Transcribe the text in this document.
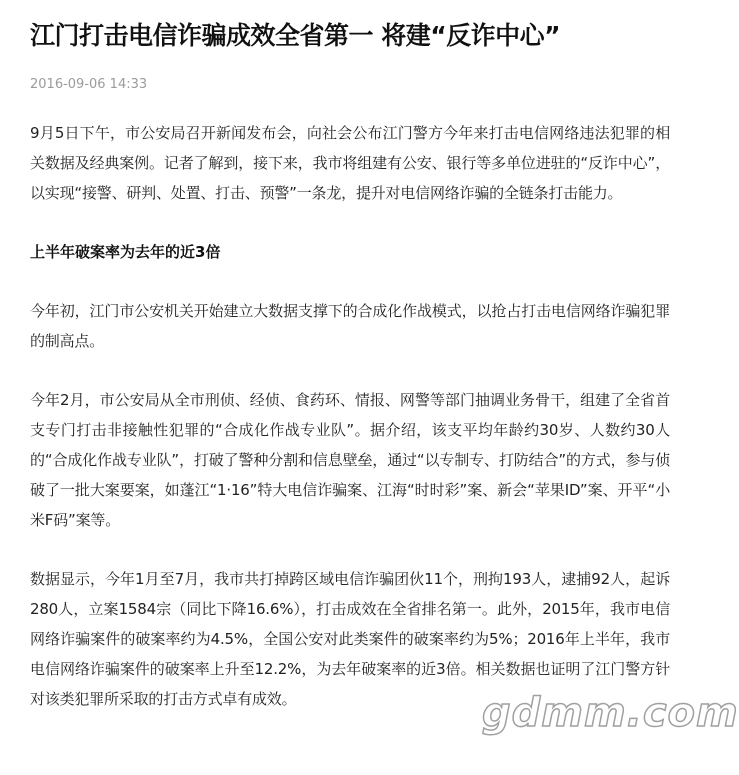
江门打击电信诈骗成效全省第一 将建“反诈中心”
2016-09-06 14:33

9月5日下午，市公安局召开新闻发布会，向社会公布江门警方今年来打击电信网络违法犯罪的相关数据及经典案例。记者了解到，接下来，我市将组建有公安、银行等多单位进驻的“反诈中心”，以实现“接警、研判、处置、打击、预警”一条龙，提升对电信网络诈骗的全链条打击能力。

上半年破案率为去年的近3倍

今年初，江门市公安机关开始建立大数据支撑下的合成化作战模式，以抢占打击电信网络诈骗犯罪的制高点。

今年2月，市公安局从全市刑侦、经侦、食药环、情报、网警等部门抽调业务骨干，组建了全省首支专门打击非接触性犯罪的“合成化作战专业队”。据介绍，该支平均年龄约30岁、人数约30人的“合成化作战专业队”，打破了警种分割和信息壁垒，通过“以专制专、打防结合”的方式，参与侦破了一批大案要案，如蓬江“1·16”特大电信诈骗案、江海“时时彩”案、新会“苹果ID”案、开平“小米F码”案等。

数据显示，今年1月至7月，我市共打掉跨区域电信诈骗团伙11个，刑拘193人，逮捕92人，起诉280人，立案1584宗（同比下降16.6%），打击成效在全省排名第一。此外，2015年，我市电信网络诈骗案件的破案率约为4.5%，全国公安对此类案件的破案率约为5%；2016年上半年，我市电信网络诈骗案件的破案率上升至12.2%，为去年破案率的近3倍。相关数据也证明了江门警方针对该类犯罪所采取的打击方式卓有成效。	gdmm.com
